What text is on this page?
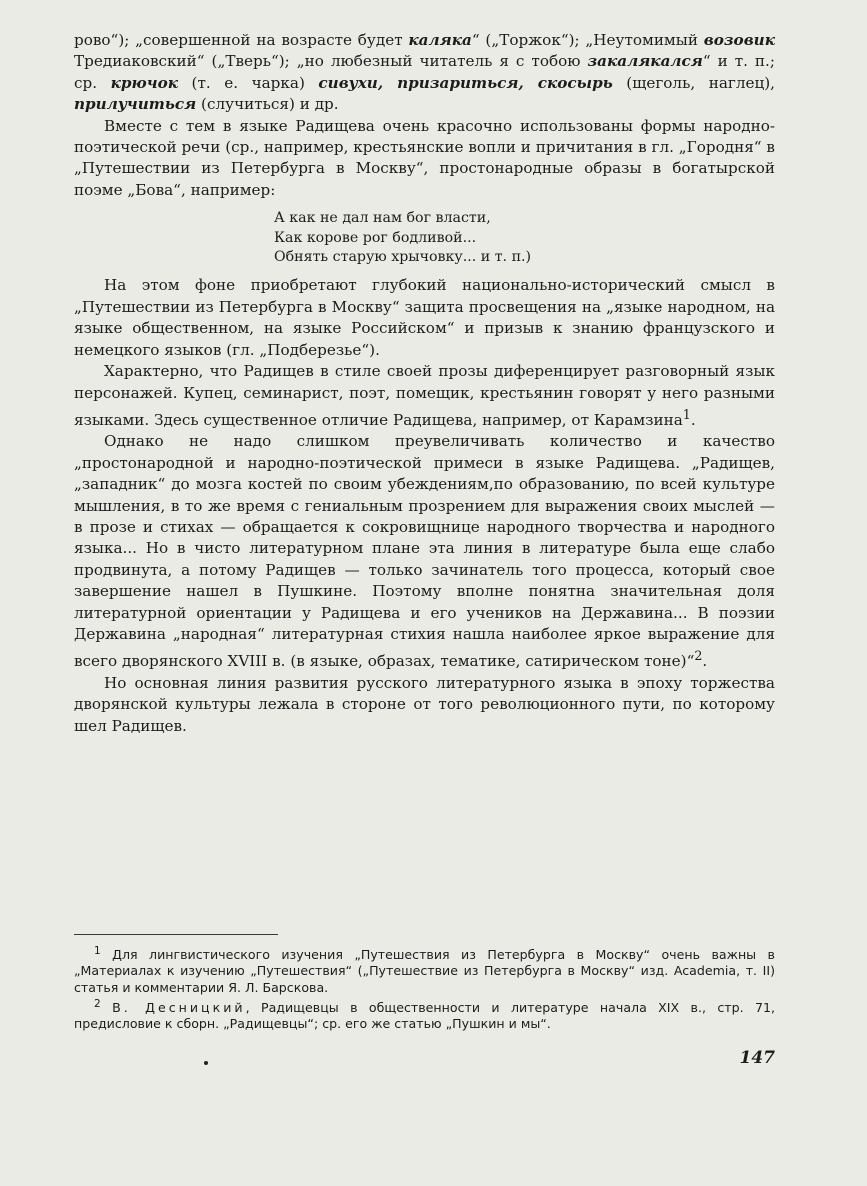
рово“); „совершенной на возрасте будет каляка“ („Торжок“); „Неутомимый возовик Тредиаковский“ („Тверь“); „но любезный читатель я с тобою закалякался“ и т. п.; ср. крючок (т. е. чарка) сивухи, призариться, скосырь (щеголь, наглец), прилучиться (случиться) и др.

Вместе с тем в языке Радищева очень красочно использованы формы народно-поэтической речи (ср., например, крестьянские вопли и причитания в гл. „Городня“ в „Путешествии из Петербурга в Москву“, простонародные образы в богатырской поэме „Бова“, например:

А как не дал нам бог власти,
Как корове рог бодливой...
Обнять старую хрычовку... и т. п.)

На этом фоне приобретают глубокий национально-исторический смысл в „Путешествии из Петербурга в Москву“ защита просвещения на „языке народном, на языке общественном, на языке Российском“ и призыв к знанию французского и немецкого языков (гл. „Подберезье“).

Характерно, что Радищев в стиле своей прозы диференцирует разговорный язык персонажей. Купец, семинарист, поэт, помещик, крестьянин говорят у него разными языками. Здесь существенное отличие Радищева, например, от Карамзина$^1$.

Однако не надо слишком преувеличивать количество и качество „простонародной и народно-поэтической примеси в языке Радищева. „Радищев, „западник“ до мозга костей по своим убеждениям,по образованию, по всей культуре мышления, в то же время с гениальным прозрением для выражения своих мыслей — в прозе и стихах — обращается к сокровищнице народного творчества и народного языка... Но в чисто литературном плане эта линия в литературе была еще слабо продвинута, а потому Радищев — только зачинатель того процесса, который свое завершение нашел в Пушкине. Поэтому вполне понятна значительная доля литературной ориентации у Радищева и его учеников на Державина... В поэзии Державина „народная“ литературная стихия нашла наиболее яркое выражение для всего дворянского XVIII в. (в языке, образах, тематике, сатирическом тоне)“$^2$.

Но основная линия развития русского литературного языка в эпоху торжества дворянской культуры лежала в стороне от того революционного пути, по которому шел Радищев.

$^1$ Для лингвистического изучения „Путешествия из Петербурга в Москву“ очень важны в „Материалах к изучению „Путешествия“ („Путешествие из Петербурга в Москву“ изд. Academia, т. II) статья и комментарии Я. Л. Барскова.

$^2$ В. Десницкий, Радищевцы в общественности и литературе начала XIX в., стр. 71, предисловие к сборн. „Радищевцы“; ср. его же статью „Пушкин и мы“.

147
